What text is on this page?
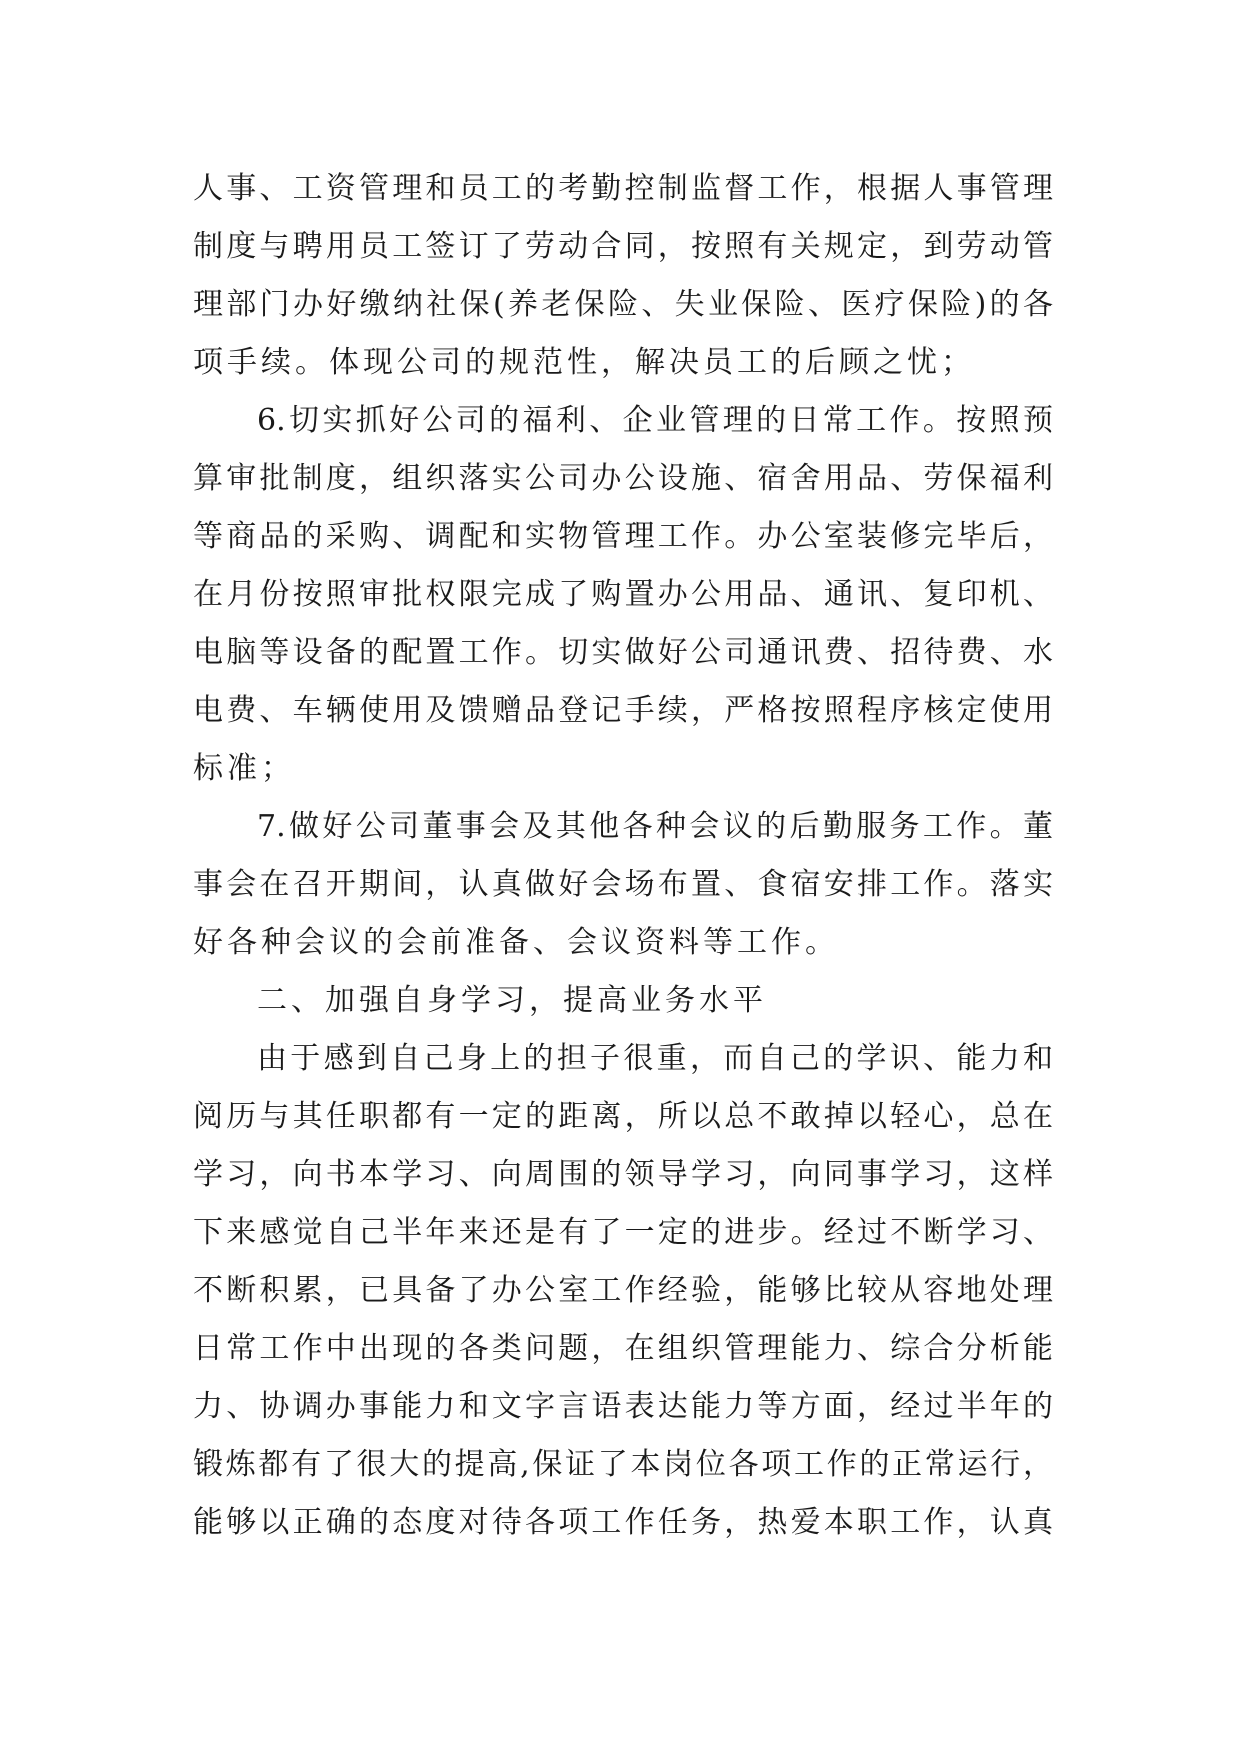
人事、工资管理和员工的考勤控制监督工作，根据人事管理
制度与聘用员工签订了劳动合同，按照有关规定，到劳动管
理部门办好缴纳社保(养老保险、失业保险、医疗保险)的各
项手续。体现公司的规范性，解决员工的后顾之忧；
6.切实抓好公司的福利、企业管理的日常工作。按照预
算审批制度，组织落实公司办公设施、宿舍用品、劳保福利
等商品的采购、调配和实物管理工作。办公室装修完毕后，
在月份按照审批权限完成了购置办公用品、通讯、复印机、
电脑等设备的配置工作。切实做好公司通讯费、招待费、水
电费、车辆使用及馈赠品登记手续，严格按照程序核定使用
标准；
7.做好公司董事会及其他各种会议的后勤服务工作。董
事会在召开期间，认真做好会场布置、食宿安排工作。落实
好各种会议的会前准备、会议资料等工作。
二、加强自身学习，提高业务水平
由于感到自己身上的担子很重，而自己的学识、能力和
阅历与其任职都有一定的距离，所以总不敢掉以轻心，总在
学习，向书本学习、向周围的领导学习，向同事学习，这样
下来感觉自己半年来还是有了一定的进步。经过不断学习、
不断积累，已具备了办公室工作经验，能够比较从容地处理
日常工作中出现的各类问题，在组织管理能力、综合分析能
力、协调办事能力和文字言语表达能力等方面，经过半年的
锻炼都有了很大的提高,保证了本岗位各项工作的正常运行，
能够以正确的态度对待各项工作任务，热爱本职工作，认真
